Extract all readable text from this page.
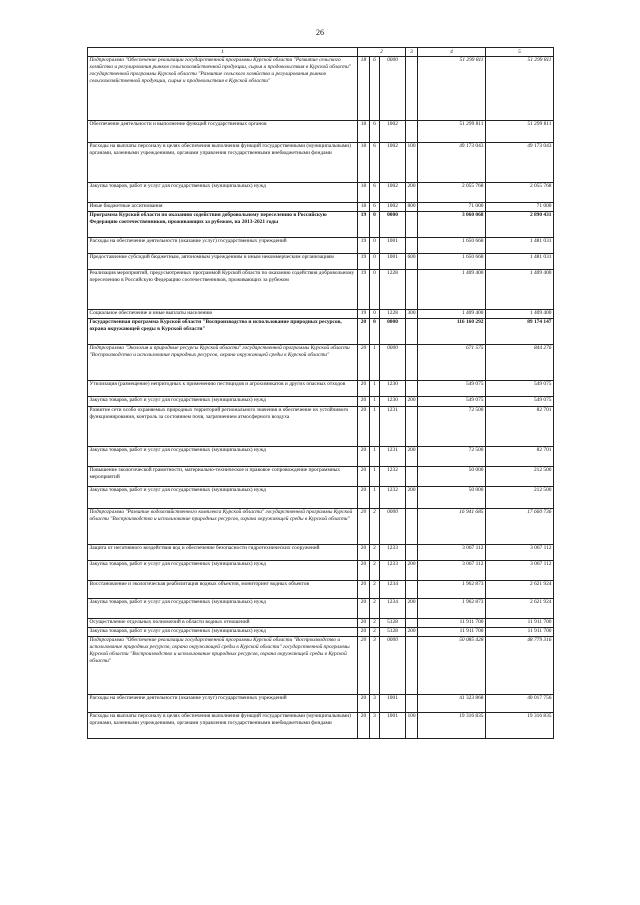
26
1	2			3	4	5
Подпрограмма "Обеспечение реализации государственной программы Курской области "Развитие сельского хозяйства и регулирования рынков сельскохозяйственной продукции, сырья и продовольствия в Курской области" государственной программы Курской области "Развитие сельского хозяйства и регулирования рынков сельскохозяйственной продукции, сырья и продовольствия в Курской области"	18	6	0000		51 299 811	51 299 811
Обеспечение деятельности и выполнение функций государственных органов	18	6	1002		51 299 811	51 299 811
Расходы на выплаты персоналу в целях обеспечения выполнения функций государственными (муниципальными) органами, казенными учреждениями, органами управления государственными внебюджетными фондами	18	6	1002	100	49 173 043	49 173 043
Закупка товаров, работ и услуг для государственных (муниципальных) нужд	18	6	1002	200	2 055 768	2 055 768
Иные бюджетные ассигнования	18	6	1002	800	71 000	71 000
Программа Курской области по оказанию содействия добровольному переселению в Российскую Федерацию соотечественников, проживающих за рубежом, на 2013-2021 годы	19	0	0000		3 060 068	2 890 431
Расходы на обеспечение деятельности (оказание услуг) государственных учреждений	19	0	1001		1 650 668	1 481 031
Предоставление субсидий бюджетным, автономным учреждениям и иным некоммерческим организациям	19	0	1001	600	1 650 668	1 481 031
Реализация мероприятий, предусмотренных программой Курской области по оказанию содействия добровольному переселению в Российскую Федерацию соотечественников, проживающих за рубежом	19	0	1228		1 409 400	1 409 400
Социальное обеспечение и иные выплаты населению	19	0	1228	300	1 409 400	1 409 400
Государственная программа Курской области "Воспроизводство и использование природных ресурсов, охрана окружающей среды в Курской области"	20	0	0000		116 160 292	89 174 147
Подпрограмма "Экология и природные ресурсы Курской области" государственной программы Курской области "Воспроизводство и использование природных ресурсов, охрана окружающей среды в Курской области"	20	1	0000		671 575	844 276
Утилизация (размещение) непригодных к применению пестицидов и агрохимикатов и других опасных отходов	20	1	1230		549 075	549 075
Закупка товаров, работ и услуг для государственных (муниципальных) нужд	20	1	1230	200	549 075	549 075
Развитие сети особо охраняемых природных территорий регионального значения и обеспечение их устойчивого функционирования, контроль за состоянием почв, загрязнением атмосферного воздуха	20	1	1231		72 500	82 701
Закупка товаров, работ и услуг для государственных (муниципальных) нужд	20	1	1231	200	72 500	82 701
Повышение экологической грамотности, материально-техническое и правовое сопровождение программных мероприятий	20	1	1232		50 000	212 500
Закупка товаров, работ и услуг для государственных (муниципальных) нужд	20	1	1232	200	50 000	212 500
Подпрограмма "Развитие водохозяйственного комплекса Курской области" государственной программы Курской области "Воспроизводство и использование природных ресурсов, охрана окружающей среды в Курской области"	20	2	0000		16 941 685	17 660 736
Защита от негативного воздействия вод и обеспечение безопасности гидротехнических сооружений	20	2	1233		3 067 112	3 067 112
Закупка товаров, работ и услуг для государственных (муниципальных) нужд	20	2	1233	200	3 067 112	3 067 112
Восстановление и экологическая реабилитация водных объектов, мониторинг водных объектов	20	2	1234		1 962 873	2 621 924
Закупка товаров, работ и услуг для государственных (муниципальных) нужд	20	2	1234	200	1 962 873	2 621 924
Осуществление отдельных полномочий в области водных отношений	20	2	5128		11 911 700	11 911 700
Закупка товаров, работ и услуг для государственных (муниципальных) нужд	20	2	5128	200	11 911 700	11 911 700
Подпрограмма "Обеспечение реализации государственной программы Курской области "Воспроизводство и использование природных ресурсов, охрана окружающей среды в Курской области" государственной программы Курской области "Воспроизводство и использование природных ресурсов, охрана окружающей среды в Курской области"	20	3	0000		50 085 428	48 779 316
Расходы на обеспечение деятельности (оказание услуг) государственных учреждений	20	3	1001		41 323 868	40 017 756
Расходы на выплаты персоналу в целях обеспечения выполнения функций государственными (муниципальными) органами, казенными учреждениями, органами управления государственными внебюджетными фондами	20	3	1001	100	19 316 835	19 316 835
